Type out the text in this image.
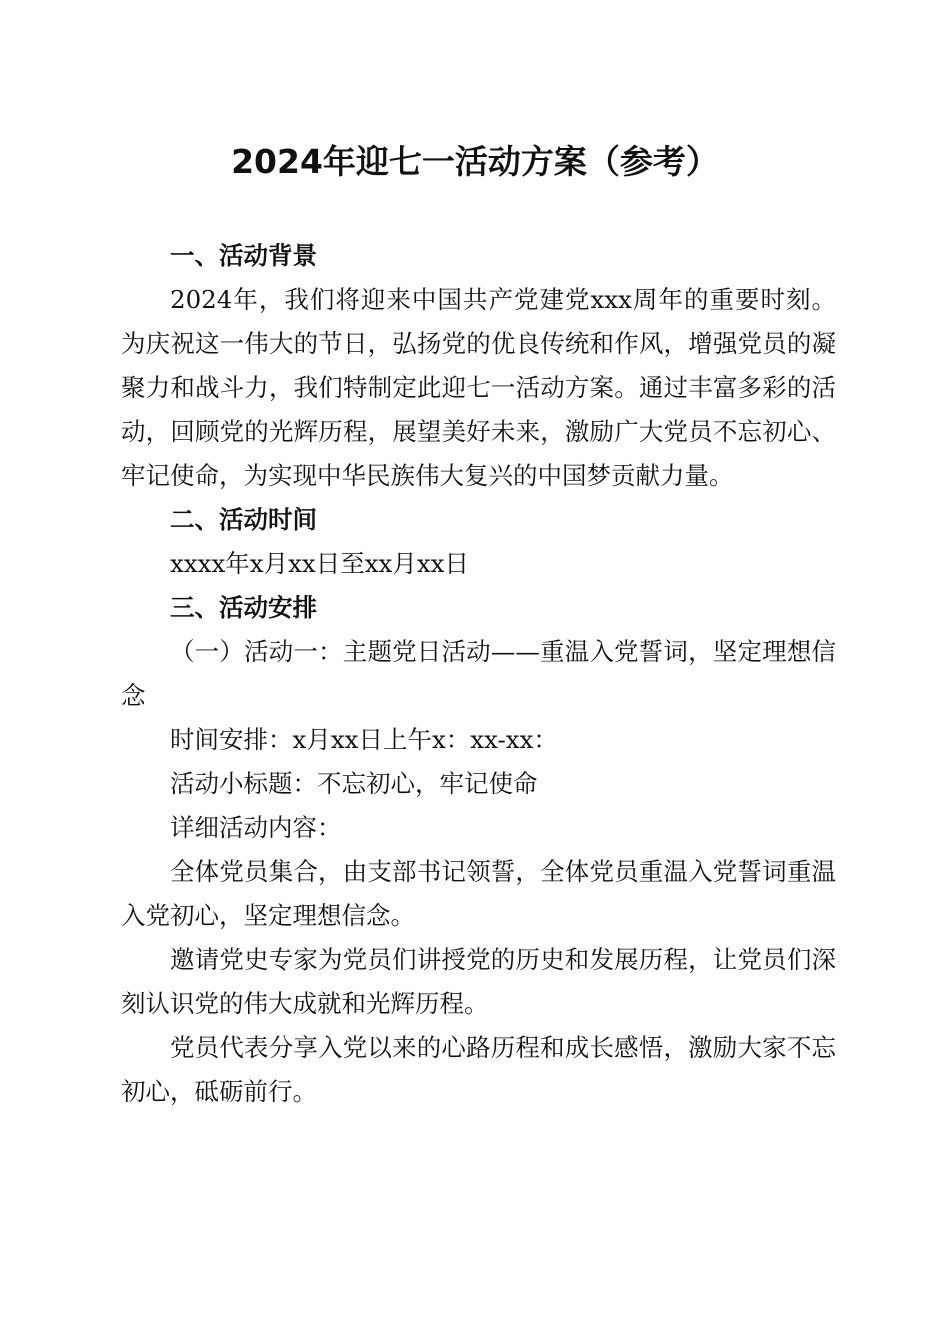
2024年迎七一活动方案（参考）

一、活动背景

2024年，我们将迎来中国共产党建党xxx周年的重要时刻。为庆祝这一伟大的节日，弘扬党的优良传统和作风，增强党员的凝聚力和战斗力，我们特制定此迎七一活动方案。通过丰富多彩的活动，回顾党的光辉历程，展望美好未来，激励广大党员不忘初心、牢记使命，为实现中华民族伟大复兴的中国梦贡献力量。

二、活动时间

xxxx年x月xx日至xx月xx日

三、活动安排

（一）活动一：主题党日活动——重温入党誓词，坚定理想信念

时间安排：x月xx日上午x：xx-xx：

活动小标题：不忘初心，牢记使命

详细活动内容：

全体党员集合，由支部书记领誓，全体党员重温入党誓词重温入党初心，坚定理想信念。

邀请党史专家为党员们讲授党的历史和发展历程，让党员们深刻认识党的伟大成就和光辉历程。

党员代表分享入党以来的心路历程和成长感悟，激励大家不忘初心，砥砺前行。
